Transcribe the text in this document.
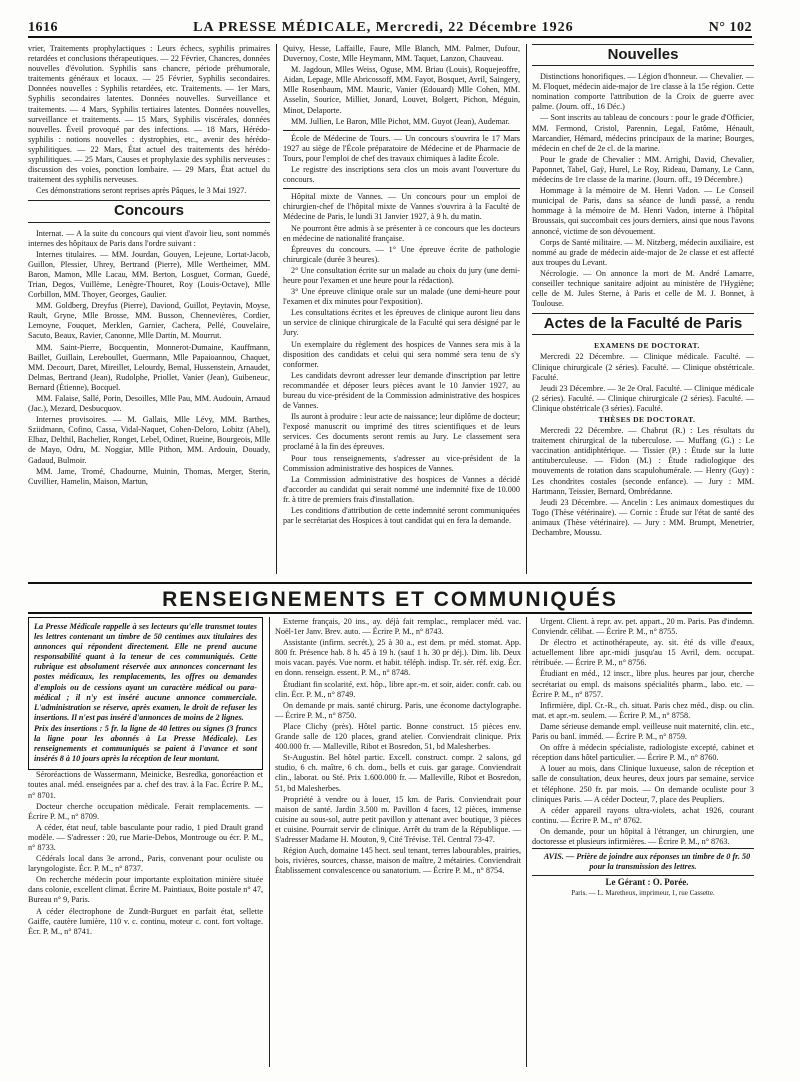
1616	LA PRESSE MÉDICALE, Mercredi, 22 Décembre 1926	N° 102

vrier, Traitements prophylactiques : Leurs échecs, syphilis primaires retardées et conclusions thérapeutiques. — 22 Février, Chancres, données nouvelles d'évolution. Syphilis sans chancre, période préhumorale, traitements généraux et locaux. — 25 Février, Syphilis secondaires. Données nouvelles : Syphilis retardées, etc. Traitements. — 1er Mars, Syphilis secondaires latentes. Données nouvelles. Surveillance et traitements. — 4 Mars, Syphilis tertiaires latentes. Données nouvelles, surveillance et traitements. — 15 Mars, Syphilis viscérales, données nouvelles. Éveil provoqué par des infections. — 18 Mars, Hérédo-syphilis : notions nouvelles : dystrophies, etc., avenir des hérédo-syphilitiques. — 22 Mars, État actuel des traitements des hérédo-syphilitiques. — 25 Mars, Causes et prophylaxie des syphilis nerveuses : discussion des voies, ponction lombaire. — 29 Mars, État actuel du traitement des syphilis nerveuses.

Ces démonstrations seront reprises après Pâques, le 3 Mai 1927.

Concours

Internat. — A la suite du concours qui vient d'avoir lieu, sont nommés internes des hôpitaux de Paris dans l'ordre suivant :

Internes titulaires. — MM. Jourdan, Gouyen, Lejeune, Lortat-Jacob, Guillon, Plessier, Uhrey, Bertrand (Pierre), Mlle Wertheimer, MM. Baron, Mamon, Mlle Lacau, MM. Berton, Losguet, Corman, Guedé, Trian, Degos, Vuillème, Lenègre-Thouret, Roy (Louis-Octave), Mlle Corbillon, MM. Thoyer, Georges, Gaulier.

MM. Goldberg, Dreyfus (Pierre), Daviond, Guillot, Peytavin, Moyse, Rault, Gryne, Mlle Brosse, MM. Busson, Chennevières, Cordier, Lemoyne, Fouquet, Merklen, Garnier, Cachera, Pellé, Couvelaire, Sacuto, Beaux, Ravier, Canonne, Mlle Dartin, M. Mourrut.

MM. Saint-Pierre, Bocquentin, Monnerot-Dumaine, Kauffmann, Baillet, Guillain, Lereboullet, Guermann, Mlle Papaioannou, Chaquet, MM. Decourt, Daret, Mireillet, Lelourdy, Bemal, Hussenstein, Arnaudet, Delmas, Bertrand (Jean), Rudolphe, Priollet, Vanier (Jean), Guibeneuc, Bernard (Étienne), Bocquel.

MM. Falaise, Sallé, Porin, Desoilles, Mlle Pau, MM. Audouin, Arnaud (Jac.), Mezard, Desbucquov.

Internes provisoires. — M. Gallais, Mlle Lévy, MM. Barthes, Sziidmann, Cofino, Cassa, Vidal-Naquet, Cohen-Deloro, Lobitz (Abel), Elbaz, Delthil, Bachelier, Ronget, Lebel, Odinet, Rueine, Bourgeois, Mlle de Mayo, Odru, M. Noggiar, Mlle Pithon, MM. Ardouin, Douady, Gadaud, Bulmoir.

MM. Jame, Tromé, Chadourne, Muinin, Thomas, Merger, Sterin, Cuvillier, Hamelin, Maison, Martun,

Quivy, Hesse, Laffaille, Faure, Mlle Blanch, MM. Palmer, Dufour, Duvernoy, Coste, Mlle Heymann, MM. Taquet, Lanzon, Chauveau.

M. Jagdoun, Mlles Weiss, Oguse, MM. Briau (Louis), Roquejeoffre, Aidan, Lepage, Mlle Abricossoff, MM. Fayot, Bosquet, Avril, Saingery, Mlle Rosenbaum, MM. Mauric, Vanier (Edouard) Mlle Cohen, MM. Asselin, Sourice, Milliet, Jonard, Louvet, Bolgert, Pichon, Méguin, Minot, Delaporte.

MM. Jullien, Le Baron, Mlle Pichot, MM. Guyot (Jean), Audemar.

École de Médecine de Tours. — Un concours s'ouvrira le 17 Mars 1927 au siège de l'École préparatoire de Médecine et de Pharmacie de Tours, pour l'emploi de chef des travaux chimiques à ladite École.

Le registre des inscriptions sera clos un mois avant l'ouverture du concours.

Hôpital mixte de Vannes. — Un concours pour un emploi de chirurgien-chef de l'hôpital mixte de Vannes s'ouvrira à la Faculté de Médecine de Paris, le lundi 31 Janvier 1927, à 9 h. du matin.

Ne pourront être admis à se présenter à ce concours que les docteurs en médecine de nationalité française.

Épreuves du concours. — 1° Une épreuve écrite de pathologie chirurgicale (durée 3 heures).

2° Une consultation écrite sur un malade au choix du jury (une demi-heure pour l'examen et une heure pour la rédaction).

3° Une épreuve clinique orale sur un malade (une demi-heure pour l'examen et dix minutes pour l'exposition).

Les consultations écrites et les épreuves de clinique auront lieu dans un service de clinique chirurgicale de la Faculté qui sera désigné par le Jury.

Un exemplaire du règlement des hospices de Vannes sera mis à la disposition des candidats et celui qui sera nommé sera tenu de s'y conformer.

Les candidats devront adresser leur demande d'inscription par lettre recommandée et déposer leurs pièces avant le 10 Janvier 1927, au bureau du vice-président de la Commission administrative des hospices de Vannes.

Ils auront à produire : leur acte de naissance; leur diplôme de docteur; l'exposé manuscrit ou imprimé des titres scientifiques et de leurs services. Ces documents seront remis au Jury. Le classement sera proclamé à la fin des épreuves.

Pour tous renseignements, s'adresser au vice-président de la Commission administrative des hospices de Vannes.

La Commission administrative des hospices de Vannes a décidé d'accorder au candidat qui serait nommé une indemnité fixe de 10.000 fr. à titre de premiers frais d'installation.

Les conditions d'attribution de cette indemnité seront communiquées par le secrétariat des Hospices à tout candidat qui en fera la demande.

Nouvelles

Distinctions honorifiques. — Légion d'honneur. — Chevalier. — M. Floquet, médecin aide-major de 1re classe à la 15e région. Cette nomination comporte l'attribution de la Croix de guerre avec palme. (Journ. off., 16 Déc.)

— Sont inscrits au tableau de concours : pour le grade d'Officier, MM. Fermond, Cristol, Parennin, Legal, Fatôme, Hénault, Marcandier, Hémard, médecins principaux de la marine; Bourges, médecin en chef de 2e cl. de la marine.

Pour le grade de Chevalier : MM. Arrighi, David, Chevalier, Paponnet, Tabel, Gaÿ, Hurel, Le Roy, Rideau, Damany, Le Cann, médecins de 1re classe de la marine. (Journ. off., 19 Décembre.)

Hommage à la mémoire de M. Henri Vadon. — Le Conseil municipal de Paris, dans sa séance de lundi passé, a rendu hommage à la mémoire de M. Henri Vadon, interne à l'hôpital Broussais, qui succombait ces jours derniers, ainsi que nous l'avons annoncé, victime de son dévouement.

Corps de Santé militaire. — M. Nitzberg, médecin auxiliaire, est nommé au grade de médecin aide-major de 2e classe et est affecté aux troupes du Levant.

Nécrologie. — On annonce la mort de M. André Lamarre, conseiller technique sanitaire adjoint au ministère de l'Hygiène; celle de M. Jules Sterne, à Paris et celle de M. J. Bonnet, à Toulouse.

Actes de la Faculté de Paris

EXAMENS DE DOCTORAT.

Mercredi 22 Décembre. — Clinique médicale. Faculté. — Clinique chirurgicale (2 séries). Faculté. — Clinique obstétricale. Faculté.

Jeudi 23 Décembre. — 3e 2e Oral. Faculté. — Clinique médicale (2 séries). Faculté. — Clinique chirurgicale (2 séries). Faculté. — Clinique obstétricale (3 séries). Faculté.

THÈSES DE DOCTORAT.

Mercredi 22 Décembre. — Chabrut (R.) : Les résultats du traitement chirurgical de la tuberculose. — Muffang (G.) : Le vaccination antidiphtérique. — Tissier (P.) : Étude sur la lutte antituberculeuse. — Fidon (M.) : Étude radiologique des mouvements de rotation dans scapulohumérale. — Henry (Guy) : Les chondrites costales (seconde enfance). — Jury : MM. Hartmann, Teissier, Bernard, Ombrédanne.

Jeudi 23 Décembre. — Ancelin : Les animaux domestiques du Togo (Thèse vétérinaire). — Cornic : Étude sur l'état de santé des animaux (Thèse vétérinaire). — Jury : MM. Brumpt, Menetrier, Dechambre, Moussu.

RENSEIGNEMENTS ET COMMUNIQUÉS

La Presse Médicale rappelle à ses lecteurs qu'elle transmet toutes les lettres contenant un timbre de 50 centimes aux titulaires des annonces qui répondent directement. Elle ne prend aucune responsabilité quant à la teneur de ces communiqués. Cette rubrique est absolument réservée aux annonces concernant les postes médicaux, les remplacements, les offres ou demandes d'emplois ou de cessions ayant un caractère médical ou para-médical ; il n'y est inséré aucune annonce commerciale. L'administration se réserve, après examen, le droit de refuser les insertions. Il n'est pas inséré d'annonces de moins de 2 lignes.

Prix des insertions : 5 fr. la ligne de 40 lettres ou signes (3 francs la ligne pour les abonnés à La Presse Médicale). Les renseignements et communiqués se paient à l'avance et sont insérés 8 à 10 jours après la réception de leur montant.

Séroréactions de Wassermann, Meinicke, Besredka, gonoréaction et toutes anal. méd. enseignées par a. chef des trav. à la Fac. Écrire P. M., n° 8701.

Docteur cherche occupation médicale. Ferait remplacements. — Écrire P. M., n° 8709.

A céder, état neuf, table basculante pour radio, 1 pied Drault grand modèle. — S'adresser : 20, rue Marie-Debos, Montrouge ou écr. P. M., n° 8733.

Cédérals local dans 3e arrond., Paris, convenant pour oculiste ou laryngologiste. Écr. P. M., n° 8737.

On recherche médecin pour importante exploitation minière située dans colonie, excellent climat. Écrire M. Paintiaux, Boite postale n° 47, Bureau n° 9, Paris.

A céder électrophone de Zundt-Burguet en parfait état, sellette Gaiffe, cautère lumière, 110 v. c. continu, moteur c. cont. fort voltage. Écr. P. M., n° 8741.

Externe français, 20 ins., ay. déjà fait remplac., remplacer méd. vac. Noël-1er Janv. Brev. auto. — Écrire P. M., n° 8743.

Assistante (infirm. secrét.), 25 à 30 a., est dem. pr méd. stomat. App. 800 fr. Présence hab. 8 h. 45 à 19 h. (sauf 1 h. 30 pr déj.). Dim. lib. Deux mois vacan. payés. Vue norm. et habit. téléph. indisp. Tr. sér. réf. exig. Écr. en donn. renseign. essent. P. M., n° 8748.

Étudiant fin scolarité, ext. hôp., libre apr.-m. et soir, aider. confr. cab. ou clin. Écr. P. M., n° 8749.

On demande pr mais. santé chirurg. Paris, une économe dactylographe. — Écrire P. M., n° 8750.

Place Clichy (près). Hôtel partic. Bonne construct. 15 pièces env. Grande salle de 120 places, grand atelier. Conviendrait clinique. Prix 400.000 fr. — Malleville, Ribot et Bosredon, 51, bd Malesherbes.

St-Augustin. Bel hôtel partic. Excell. construct. compr. 2 salons, gd studio, 6 ch. maître, 6 ch. dom., bells et cuis. gar garage. Conviendrait clin., laborat. ou Sté. Prix 1.600.000 fr. — Malleville, Ribot et Bosredon, 51, bd Malesherbes.

Propriété à vendre ou à louer, 15 km. de Paris. Conviendrait pour maison de santé. Jardin 3.500 m. Pavillon 4 faces, 12 pièces, immense cuisine au sous-sol, autre petit pavillon y attenant avec boutique, 3 pièces et cuisine. Pourrait servir de clinique. Arrêt du tram de la République. — S'adresser Madame H. Mouton, 9, Cité Trévise. Tél. Central 73-47.

Région Auch, domaine 145 hect. seul tenant, terres labourables, prairies, bois, rivières, sources, chasse, maison de maître, 2 métairies. Conviendrait Établissement convalescence ou sanatorium. — Écrire P. M., n° 8754.

Urgent. Client. à repr. av. pet. appart., 20 m. Paris. Pas d'indemn. Conviendr. célibat. — Écrire P. M., n° 8755.

Dr électro et actinothérapeute, ay. sit. été ds ville d'eaux, actuellement libre apr.-midi jusqu'au 15 Avril, dem. occupat. rétribuée. — Écrire P. M., n° 8756.

Étudiant en méd., 12 inscr., libre plus. heures par jour, cherche secrétariat ou empl. ds maisons spécialités pharm., labo. etc. — Écrire P. M., n° 8757.

Infirmière, dipl. Cr.-R., ch. situat. Paris chez méd., disp. ou clin. mat. et apr.-m. seulem. — Écrire P. M., n° 8758.

Dame sérieuse demande empl. veilleuse nuit maternité, clin. etc., Paris ou banl. imméd. — Écrire P. M., n° 8759.

On offre à médecin spécialiste, radiologiste excepté, cabinet et réception dans hôtel particulier. — Écrire P. M., n° 8760.

A louer au mois, dans Clinique luxueuse, salon de réception et salle de consultation, deux heures, deux jours par semaine, service et téléphone. 250 fr. par mois. — On demande oculiste pour 3 cliniques Paris. — A céder Docteur, 7, place des Peupliers.

A céder appareil rayons ultra-violets, achat 1926, courant continu. — Écrire P. M., n° 8762.

On demande, pour un hôpital à l'étranger, un chirurgien, une doctoresse et plusieurs infirmières. — Écrire P. M., n° 8763.

AVIS. — Prière de joindre aux réponses un timbre de 0 fr. 50 pour la transmission des lettres.

Le Gérant : O. Porée.

Paris. — L. Maretheux, imprimeur, 1, rue Cassette.
